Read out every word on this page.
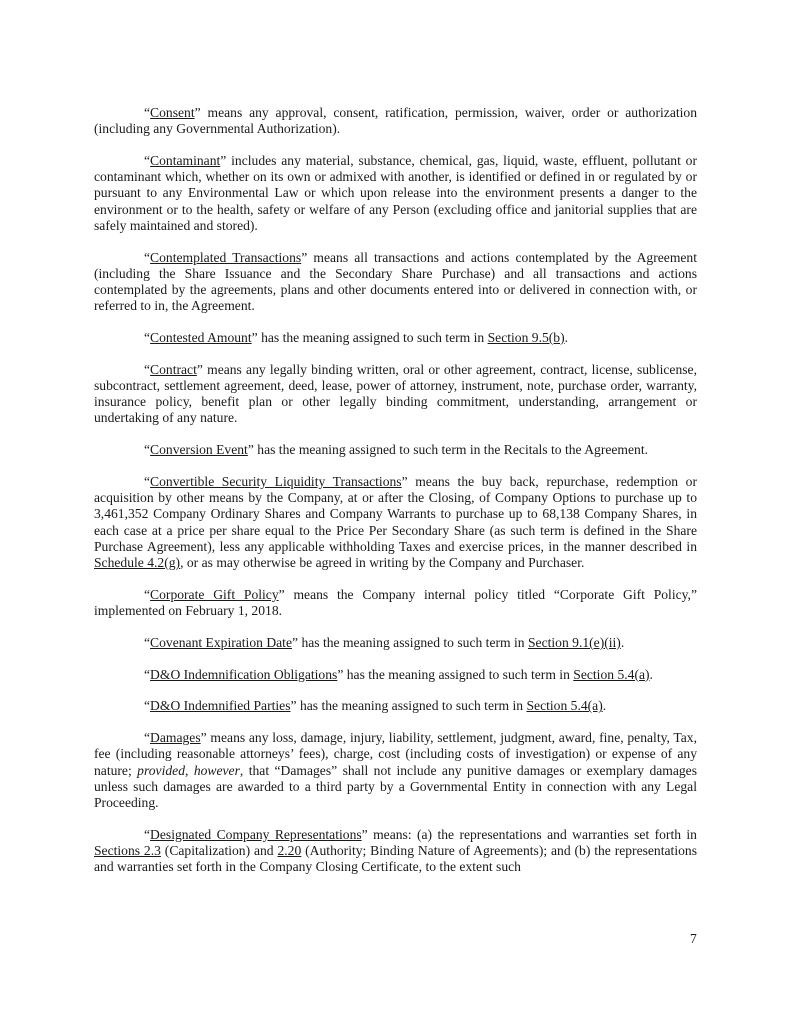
“Consent” means any approval, consent, ratification, permission, waiver, order or authorization (including any Governmental Authorization).

“Contaminant” includes any material, substance, chemical, gas, liquid, waste, effluent, pollutant or contaminant which, whether on its own or admixed with another, is identified or defined in or regulated by or pursuant to any Environmental Law or which upon release into the environment presents a danger to the environment or to the health, safety or welfare of any Person (excluding office and janitorial supplies that are safely maintained and stored).

“Contemplated Transactions” means all transactions and actions contemplated by the Agreement (including the Share Issuance and the Secondary Share Purchase) and all transactions and actions contemplated by the agreements, plans and other documents entered into or delivered in connection with, or referred to in, the Agreement.

“Contested Amount” has the meaning assigned to such term in Section 9.5(b).

“Contract” means any legally binding written, oral or other agreement, contract, license, sublicense, subcontract, settlement agreement, deed, lease, power of attorney, instrument, note, purchase order, warranty, insurance policy, benefit plan or other legally binding commitment, understanding, arrangement or undertaking of any nature.

“Conversion Event” has the meaning assigned to such term in the Recitals to the Agreement.

“Convertible Security Liquidity Transactions” means the buy back, repurchase, redemption or acquisition by other means by the Company, at or after the Closing, of Company Options to purchase up to 3,461,352 Company Ordinary Shares and Company Warrants to purchase up to 68,138 Company Shares, in each case at a price per share equal to the Price Per Secondary Share (as such term is defined in the Share Purchase Agreement), less any applicable withholding Taxes and exercise prices, in the manner described in Schedule 4.2(g), or as may otherwise be agreed in writing by the Company and Purchaser.

“Corporate Gift Policy” means the Company internal policy titled “Corporate Gift Policy,” implemented on February 1, 2018.

“Covenant Expiration Date” has the meaning assigned to such term in Section 9.1(e)(ii).

“D&O Indemnification Obligations” has the meaning assigned to such term in Section 5.4(a).

“D&O Indemnified Parties” has the meaning assigned to such term in Section 5.4(a).

“Damages” means any loss, damage, injury, liability, settlement, judgment, award, fine, penalty, Tax, fee (including reasonable attorneys’ fees), charge, cost (including costs of investigation) or expense of any nature; provided, however, that “Damages” shall not include any punitive damages or exemplary damages unless such damages are awarded to a third party by a Governmental Entity in connection with any Legal Proceeding.

“Designated Company Representations” means: (a) the representations and warranties set forth in Sections 2.3 (Capitalization) and 2.20 (Authority; Binding Nature of Agreements); and (b) the representations and warranties set forth in the Company Closing Certificate, to the extent such

7
